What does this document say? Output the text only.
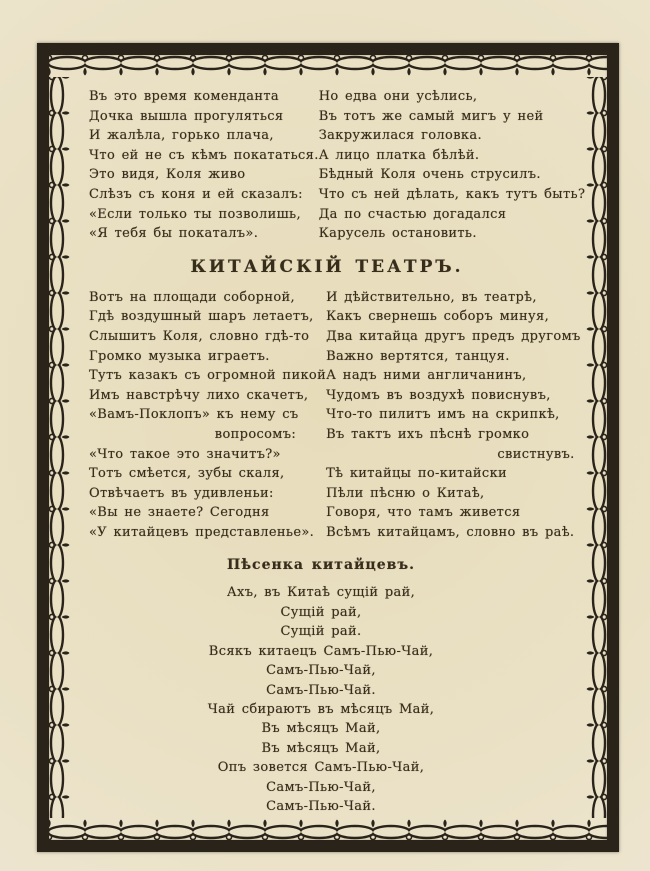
Въ это время коменданта
Дочка вышла прогуляться
И жалѣла, горько плача,
Что ей не съ кѣмъ покататься.
Это видя, Коля живо
Слѣзъ съ коня и ей сказалъ:
«Если только ты позволишь,
«Я тебя бы покаталъ».
Но едва они усѣлись,
Въ тотъ же самый мигъ у ней
Закружилася головка.
А лицо платка бѣлѣй.
Бѣдный Коля очень струсилъ.
Что съ ней дѣлать, какъ тутъ быть?
Да по счастью догадался
Карусель остановить.
КИТАЙСКІЙ ТЕАТРЪ.
Вотъ на площади соборной,
Гдѣ воздушный шаръ летаетъ,
Слышитъ Коля, словно гдѣ-то
Громко музыка играетъ.
Тутъ казакъ съ огромной пикой
Имъ навстрѣчу лихо скачетъ,
«Вамъ-Поклопъ» къ нему съ
вопросомъ:
«Что такое это значитъ?»
Тотъ смѣется, зубы скаля,
Отвѣчаетъ въ удивленьи:
«Вы не знаете? Сегодня
«У китайцевъ представленье».
И дѣйствительно, въ театрѣ,
Какъ свернешь соборъ минуя,
Два китайца другъ предъ другомъ
Важно вертятся, танцуя.
А надъ ними англичанинъ,
Чудомъ въ воздухѣ повиснувъ,
Что-то пилитъ имъ на скрипкѣ,
Въ тактъ ихъ пѣснѣ громко
свистнувъ.
Тѣ китайцы по-китайски
Пѣли пѣсню о Китаѣ,
Говоря, что тамъ живется
Всѣмъ китайцамъ, словно въ раѣ.
Пѣсенка китайцевъ.
Ахъ, въ Китаѣ сущій рай,
Сущій рай,
Сущій рай.
Всякъ китаецъ Самъ-Пью-Чай,
Самъ-Пью-Чай,
Самъ-Пью-Чай.
Чай сбираютъ въ мѣсяцъ Май,
Въ мѣсяцъ Май,
Въ мѣсяцъ Май,
Опъ зовется Самъ-Пью-Чай,
Самъ-Пью-Чай,
Самъ-Пью-Чай.
